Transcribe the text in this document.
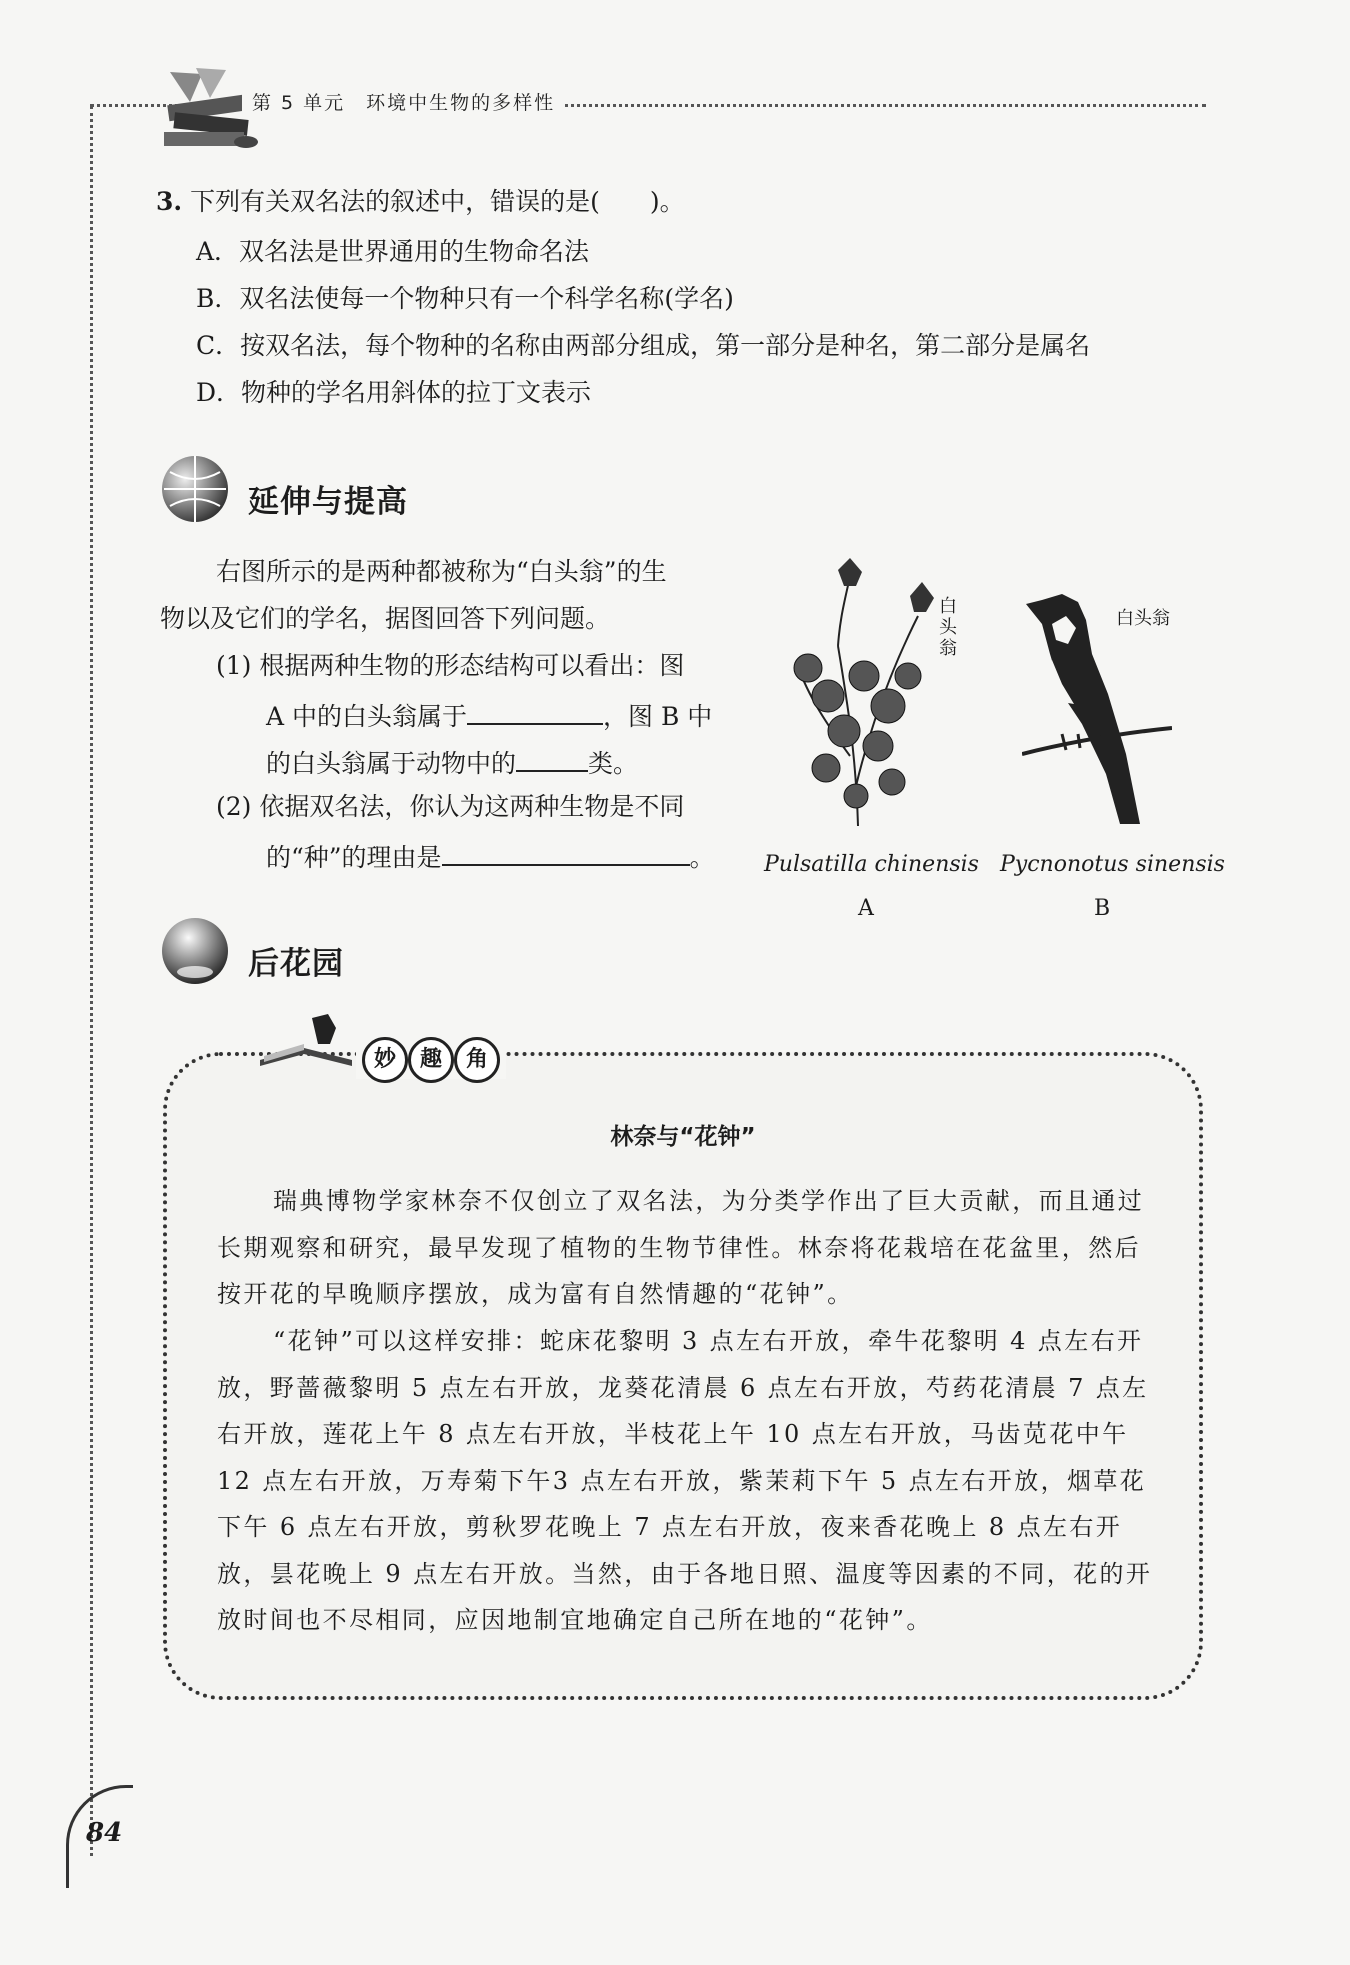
第 5 单元　环境中生物的多样性
3. 下列有关双名法的叙述中，错误的是(　　)。
A．双名法是世界通用的生物命名法
B．双名法使每一个物种只有一个科学名称(学名)
C．按双名法，每个物种的名称由两部分组成，第一部分是种名，第二部分是属名
D．物种的学名用斜体的拉丁文表示
延伸与提高
右图所示的是两种都被称为“白头翁”的生
物以及它们的学名，据图回答下列问题。
(1) 根据两种生物的形态结构可以看出：图
A 中的白头翁属于	，图 B 中
的白头翁属于动物中的	类。
(2) 依据双名法，你认为这两种生物是不同
的“种”的理由是	。
白头翁
白头翁
Pulsatilla chinensis Pycnonotus sinensis
A	B
后花园
妙	趣	角
林奈与“花钟”

瑞典博物学家林奈不仅创立了双名法，为分类学作出了巨大贡献，而且通过长期观察和研究，最早发现了植物的生物节律性。林奈将花栽培在花盆里，然后按开花的早晚顺序摆放，成为富有自然情趣的“花钟”。

“花钟”可以这样安排：蛇床花黎明 3 点左右开放，牵牛花黎明 4 点左右开放，野蔷薇黎明 5 点左右开放，龙葵花清晨 6 点左右开放，芍药花清晨 7 点左右开放，莲花上午 8 点左右开放，半枝花上午 10 点左右开放，马齿苋花中午 12 点左右开放，万寿菊下午3 点左右开放，紫茉莉下午 5 点左右开放，烟草花下午 6 点左右开放，剪秋罗花晚上 7 点左右开放，夜来香花晚上 8 点左右开放，昙花晚上 9 点左右开放。当然，由于各地日照、温度等因素的不同，花的开放时间也不尽相同，应因地制宜地确定自己所在地的“花钟”。

84
